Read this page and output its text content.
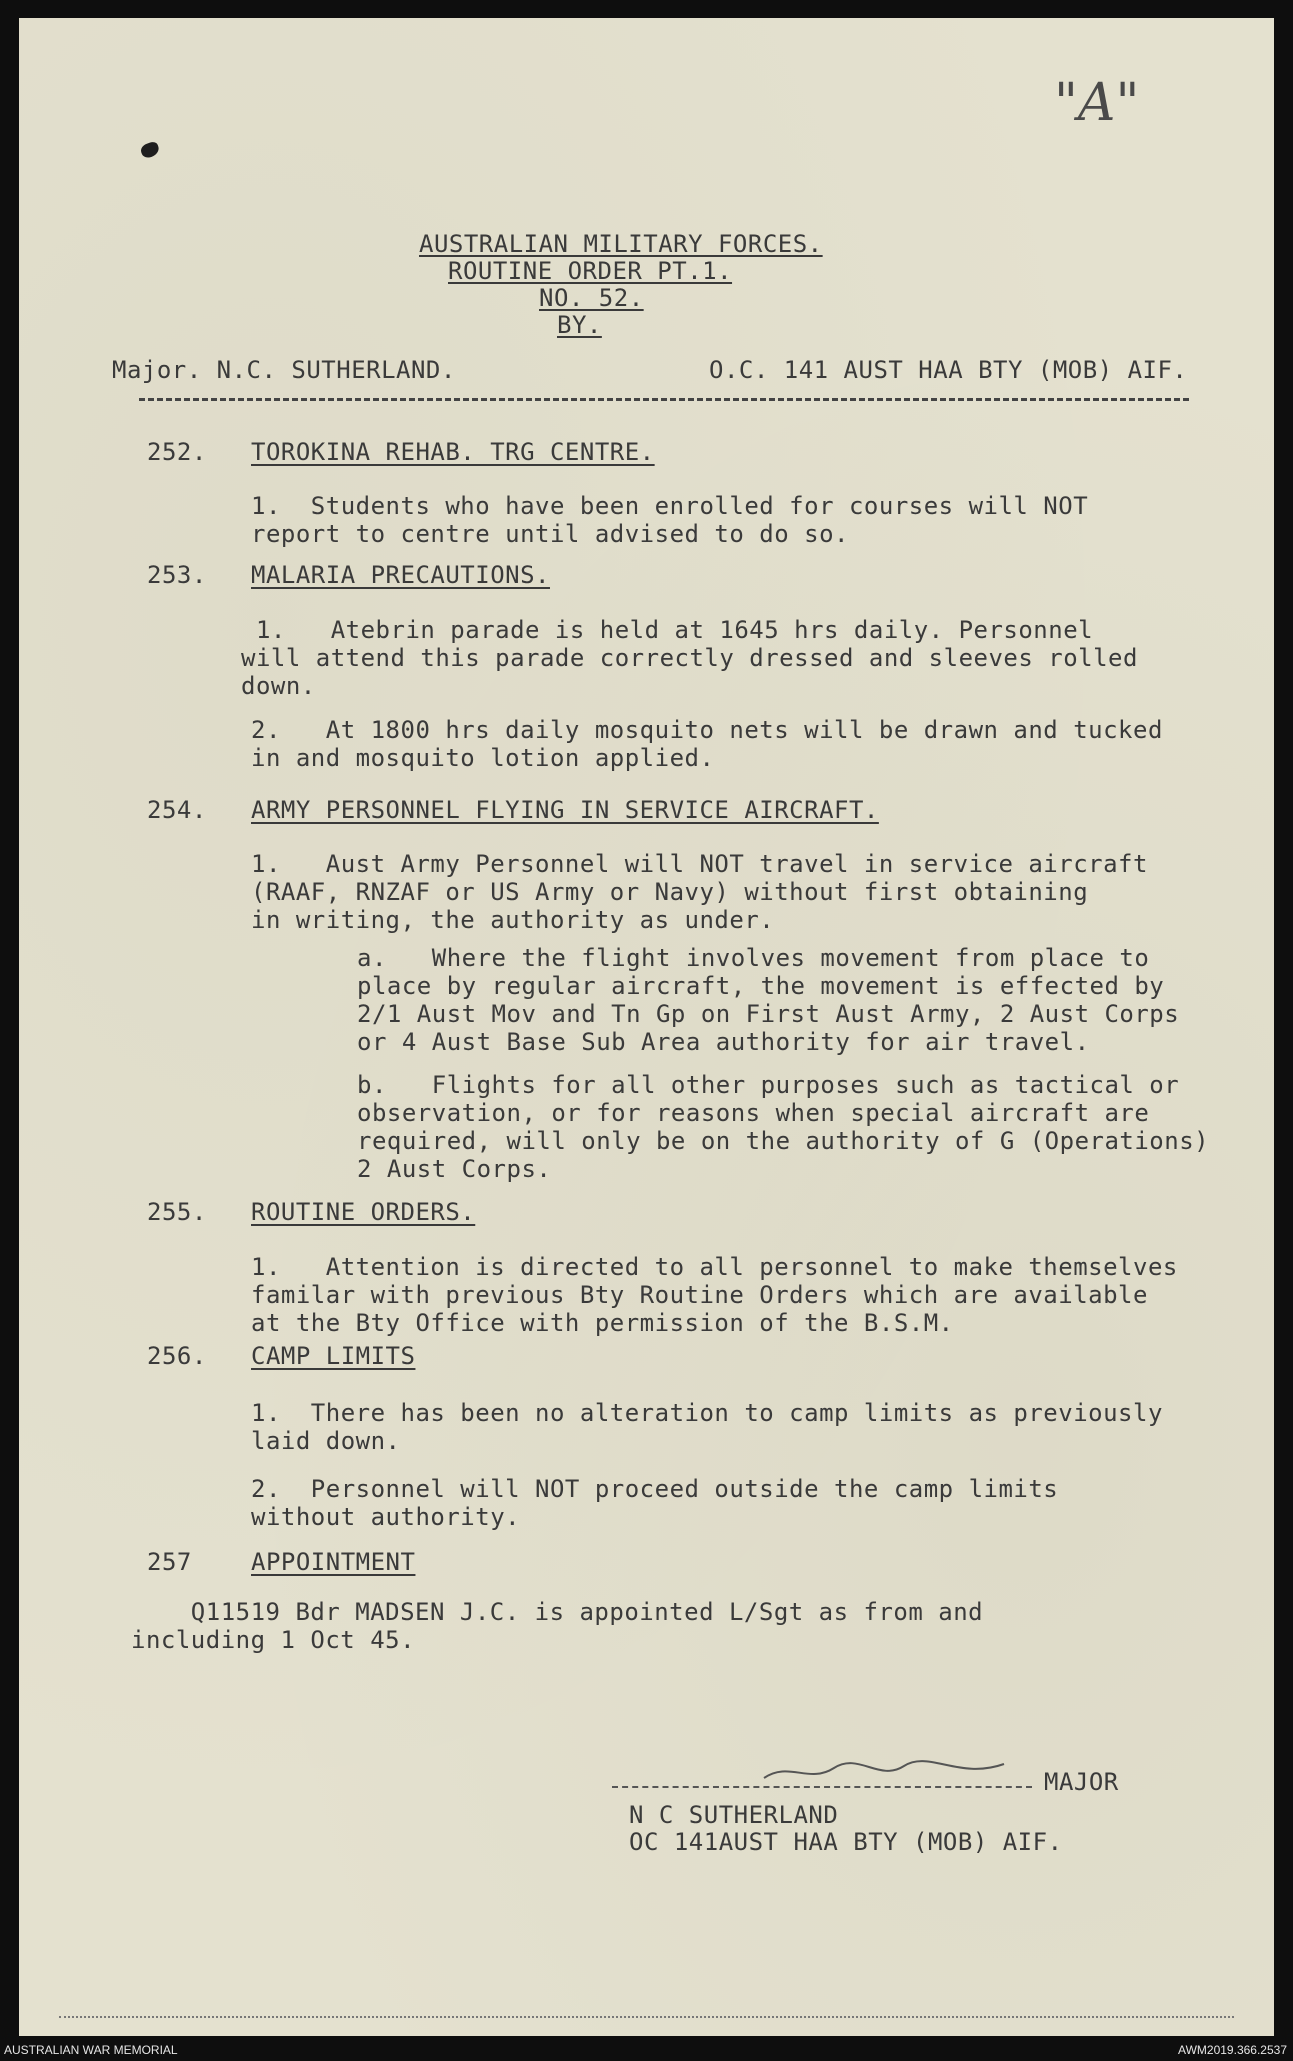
"A"
AUSTRALIAN MILITARY FORCES.
ROUTINE ORDER PT.1.
NO. 52.
BY.
Major. N.C. SUTHERLAND.	O.C. 141 AUST HAA BTY (MOB) AIF.
252. TOROKINA REHAB. TRG CENTRE.
1.  Students who have been enrolled for courses will NOT
report to centre until advised to do so.
253. MALARIA PRECAUTIONS.
1.   Atebrin parade is held at 1645 hrs daily. Personnel
will attend this parade correctly dressed and sleeves rolled
down.
2.   At 1800 hrs daily mosquito nets will be drawn and tucked
in and mosquito lotion applied.
254. ARMY PERSONNEL FLYING IN SERVICE AIRCRAFT.
1.   Aust Army Personnel will NOT travel in service aircraft
(RAAF, RNZAF or US Army or Navy) without first obtaining
in writing, the authority as under.
a.   Where the flight involves movement from place to
place by regular aircraft, the movement is effected by
2/1 Aust Mov and Tn Gp on First Aust Army, 2 Aust Corps
or 4 Aust Base Sub Area authority for air travel.
b.   Flights for all other purposes such as tactical or
observation, or for reasons when special aircraft are
required, will only be on the authority of G (Operations)
2 Aust Corps.
255. ROUTINE ORDERS.
1.   Attention is directed to all personnel to make themselves
familar with previous Bty Routine Orders which are available
at the Bty Office with permission of the B.S.M.
256. CAMP LIMITS
1.  There has been no alteration to camp limits as previously
laid down.
2.  Personnel will NOT proceed outside the camp limits
without authority.
257 APPOINTMENT
Q11519 Bdr MADSEN J.C. is appointed L/Sgt as from and
including 1 Oct 45.
MAJOR
N C SUTHERLAND
OC 141AUST HAA BTY (MOB) AIF.
AUSTRALIAN WAR MEMORIAL	AWM2019.366.2537
